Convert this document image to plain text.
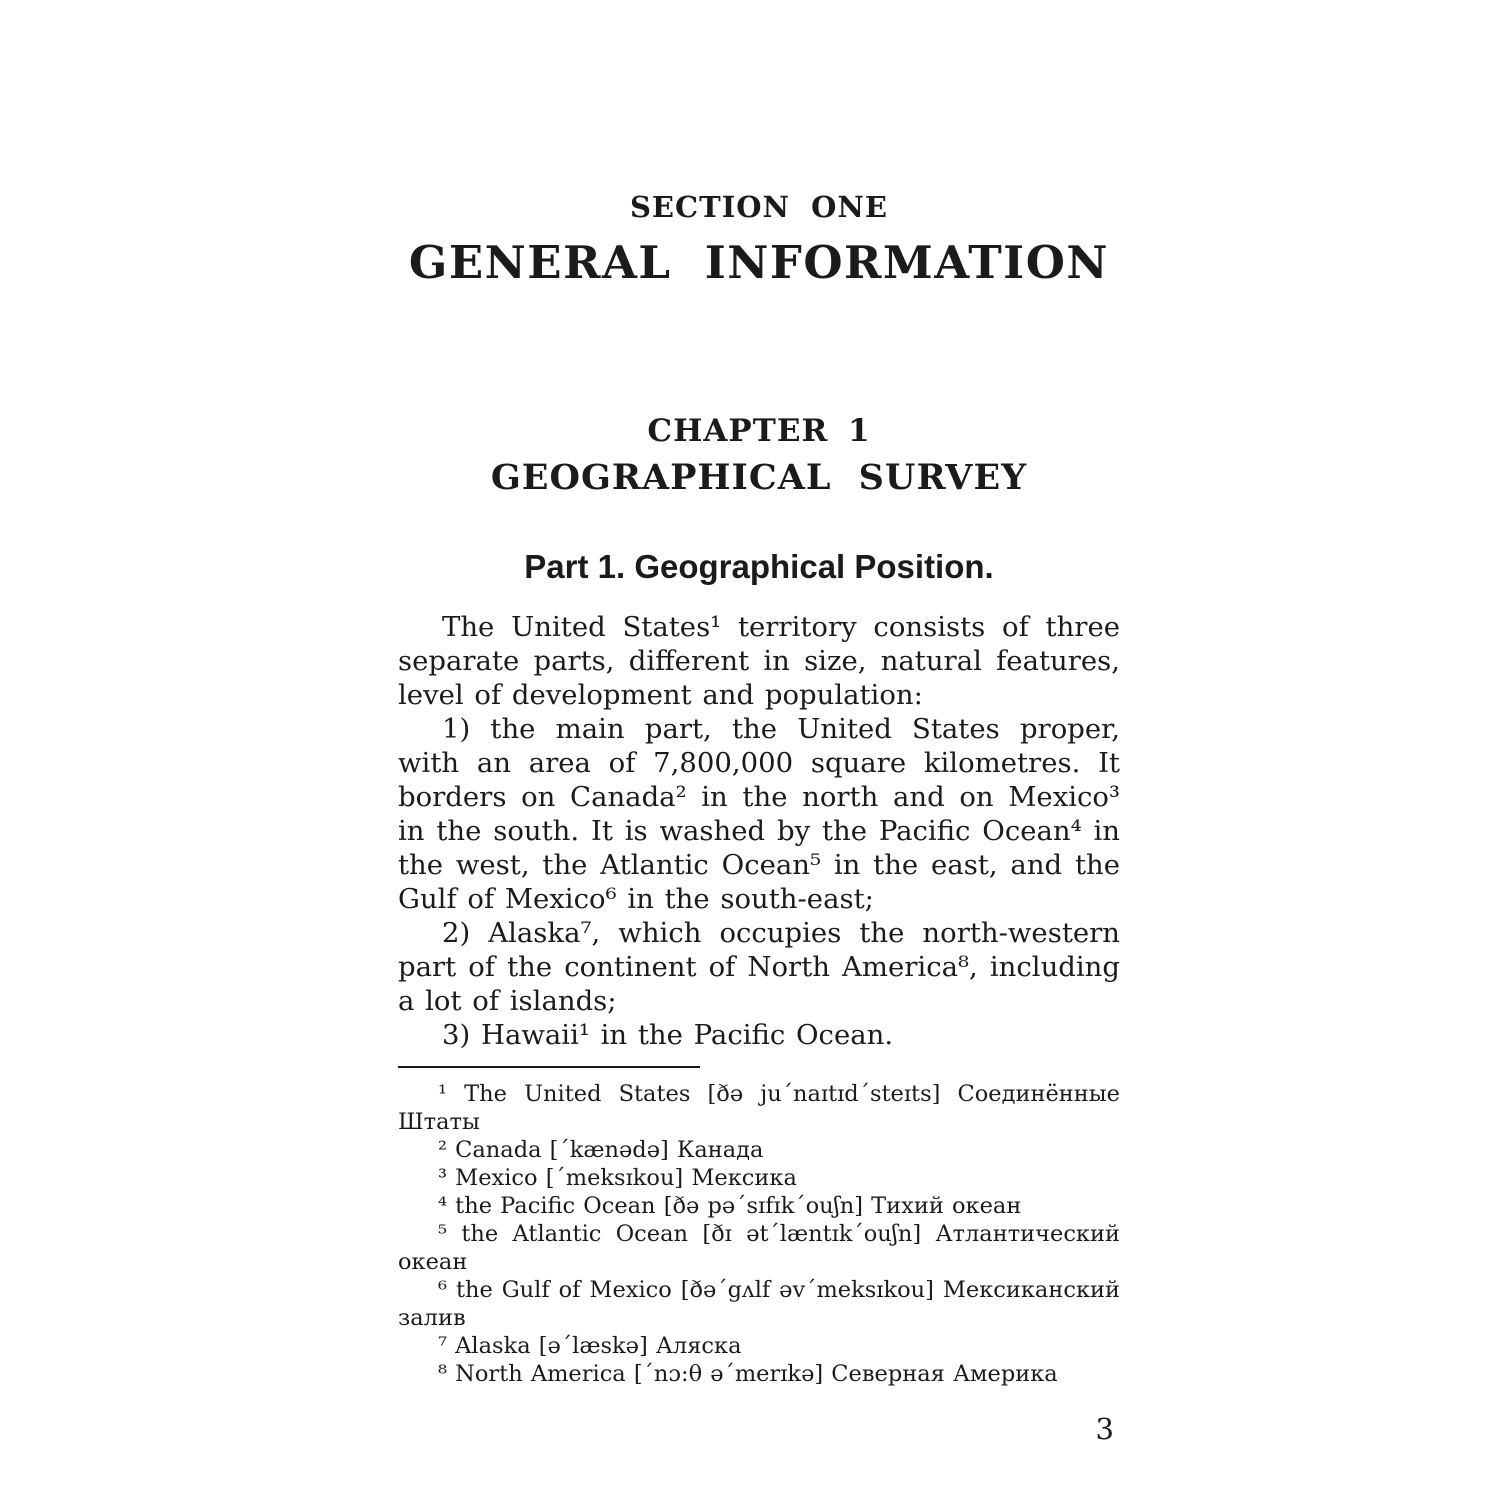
SECTION ONE
GENERAL INFORMATION
CHAPTER 1
GEOGRAPHICAL SURVEY
Part 1. Geographical Position.

The United States¹ territory consists of three separate parts, different in size, natural features, level of development and population:

1) the main part, the United States proper, with an area of 7,800,000 square kilometres. It borders on Canada² in the north and on Mexico³ in the south. It is washed by the Pacific Ocean⁴ in the west, the Atlantic Ocean⁵ in the east, and the Gulf of Mexico⁶ in the south-east;

2) Alaska⁷, which occupies the north-western part of the continent of North America⁸, including a lot of islands;

3) Hawaii¹ in the Pacific Ocean.

¹ The United States [ðə ju´naɪtɪd´steɪts] Соединённые Штаты

² Canada [´kænədə] Канада

³ Mexico [´meksɪkou] Мексика

⁴ the Pacific Ocean [ðə pə´sɪfɪk´ouʃn] Тихий океан

⁵ the Atlantic Ocean [ðɪ ət´læntɪk´ouʃn] Атлантический океан

⁶ the Gulf of Mexico [ðə´gʌlf əv´meksɪkou] Мексиканский залив

⁷ Alaska [ə´læskə] Аляска

⁸ North America [´nɔ:θ ə´merɪkə] Северная Америка

3
